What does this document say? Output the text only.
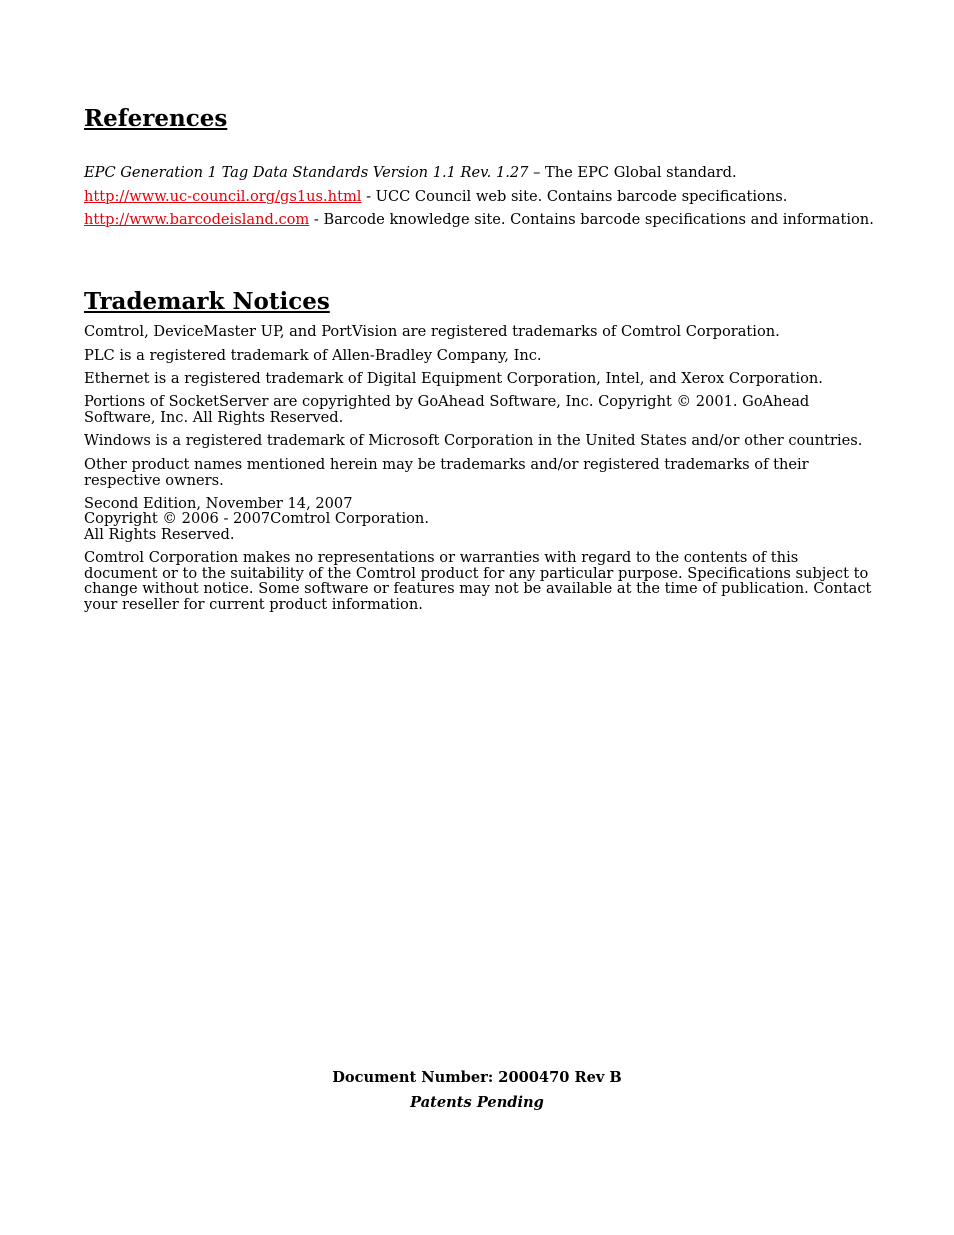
References

EPC Generation 1 Tag Data Standards Version 1.1 Rev. 1.27 – The EPC Global standard.

http://www.uc-council.org/gs1us.html - UCC Council web site. Contains barcode specifications.

http://www.barcodeisland.com - Barcode knowledge site. Contains barcode specifications and information.

Trademark Notices

Comtrol, DeviceMaster UP, and PortVision are registered trademarks of Comtrol Corporation.

PLC is a registered trademark of Allen-Bradley Company, Inc.

Ethernet is a registered trademark of Digital Equipment Corporation, Intel, and Xerox Corporation.

Portions of SocketServer are copyrighted by GoAhead Software, Inc. Copyright © 2001. GoAhead Software, Inc. All Rights Reserved.

Windows is a registered trademark of Microsoft Corporation in the United States and/or other countries.

Other product names mentioned herein may be trademarks and/or registered trademarks of their respective owners.

Second Edition, November 14, 2007

Copyright © 2006 - 2007Comtrol Corporation.

All Rights Reserved.

Comtrol Corporation makes no representations or warranties with regard to the contents of this document or to the suitability of the Comtrol product for any particular purpose. Specifications subject to change without notice. Some software or features may not be available at the time of publication. Contact your reseller for current product information.

Document Number: 2000470 Rev B
Patents Pending
